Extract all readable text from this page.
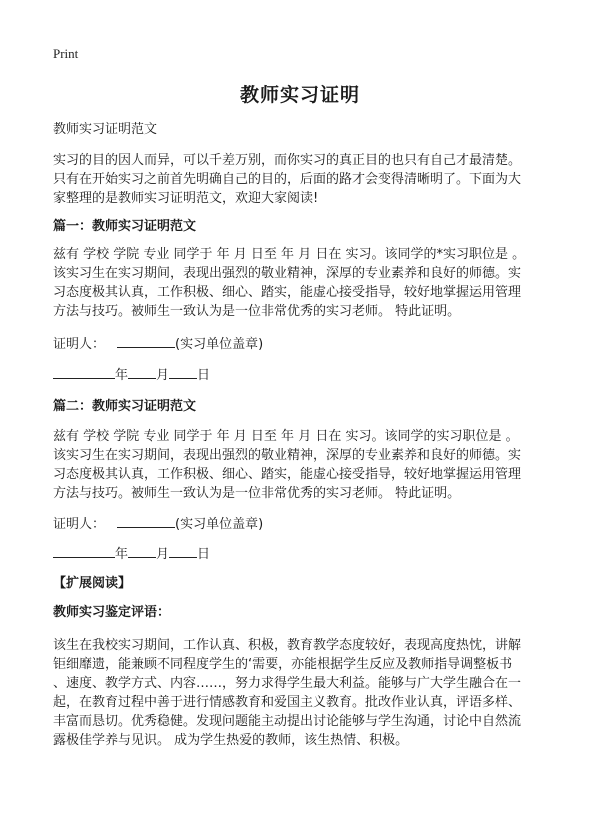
Print
教师实习证明
教师实习证明范文
实习的目的因人而异，可以千差万别，而你实习的真正目的也只有自己才最清楚。
只有在开始实习之前首先明确自己的目的，后面的路才会变得清晰明了。下面为大
家整理的是教师实习证明范文，欢迎大家阅读!
篇一：教师实习证明范文
兹有 学校 学院 专业 同学于 年 月 日至 年 月 日在 实习。该同学的*实习职位是 。
该实习生在实习期间，表现出强烈的敬业精神，深厚的专业素养和良好的师德。实
习态度极其认真，工作积极、细心、踏实，能虚心接受指导，较好地掌握运用管理
方法与技巧。被师生一致认为是一位非常优秀的实习老师。 特此证明。
证明人：	(实习单位盖章)
年 月 日
篇二：教师实习证明范文
兹有 学校 学院 专业 同学于 年 月 日至 年 月 日在 实习。该同学的实习职位是 。
该实习生在实习期间，表现出强烈的敬业精神，深厚的专业素养和良好的师德。实
习态度极其认真，工作积极、细心、踏实，能虚心接受指导，较好地掌握运用管理
方法与技巧。被师生一致认为是一位非常优秀的实习老师。 特此证明。
证明人：	(实习单位盖章)
年 月 日
【扩展阅读】
教师实习鉴定评语：
该生在我校实习期间，工作认真、积极，教育教学态度较好，表现高度热忱，讲解
钜细靡遗，能兼顾不同程度学生的‘需要，亦能根据学生反应及教师指导调整板书
、速度、教学方式、内容……，努力求得学生最大利益。能够与广大学生融合在一
起，在教育过程中善于进行情感教育和爱国主义教育。批改作业认真，评语多样、
丰富而恳切。优秀稳健。发现问题能主动提出讨论能够与学生沟通，讨论中自然流
露极佳学养与见识。 成为学生热爱的教师，该生热情、积极。
